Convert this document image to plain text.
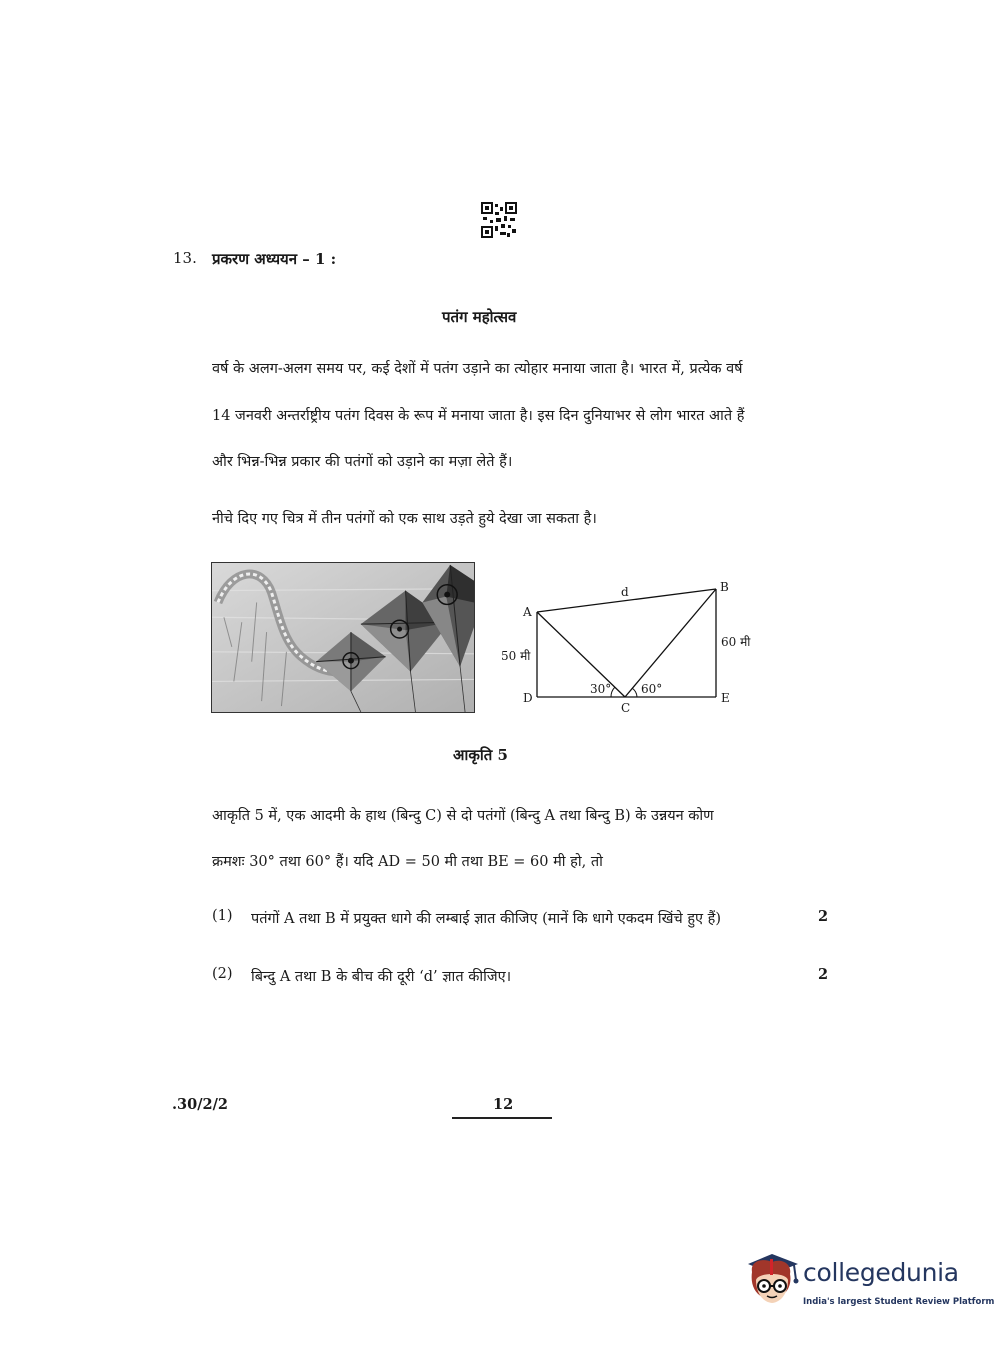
13. प्रकरण अध्ययन – 1 :
पतंग महोत्सव
वर्ष के अलग-अलग समय पर, कई देशों में पतंग उड़ाने का त्योहार मनाया जाता है। भारत में, प्रत्येक वर्ष
14 जनवरी अन्तर्राष्ट्रीय पतंग दिवस के रूप में मनाया जाता है। इस दिन दुनियाभर से लोग भारत आते हैं
और भिन्न-भिन्न प्रकार की पतंगों को उड़ाने का मज़ा लेते हैं।
नीचे दिए गए चित्र में तीन पतंगों को एक साथ उड़ते हुये देखा जा सकता है।
d
A
B
C
D	E
50 मी
60 मी
30° 60°
आकृति 5
आकृति 5 में, एक आदमी के हाथ (बिन्दु C) से दो पतंगों (बिन्दु A तथा बिन्दु B) के उन्नयन कोण
क्रमशः 30° तथा 60° हैं। यदि AD = 50 मी तथा BE = 60 मी हो, तो
(1) पतंगों A तथा B में प्रयुक्त धागे की लम्बाई ज्ञात कीजिए (मानें कि धागे एकदम खिंचे हुए हैं)	2
(2) बिन्दु A तथा B के बीच की दूरी ‘d’ ज्ञात कीजिए।	2
.30/2/2	12
collegedunia
India's largest Student Review Platform
